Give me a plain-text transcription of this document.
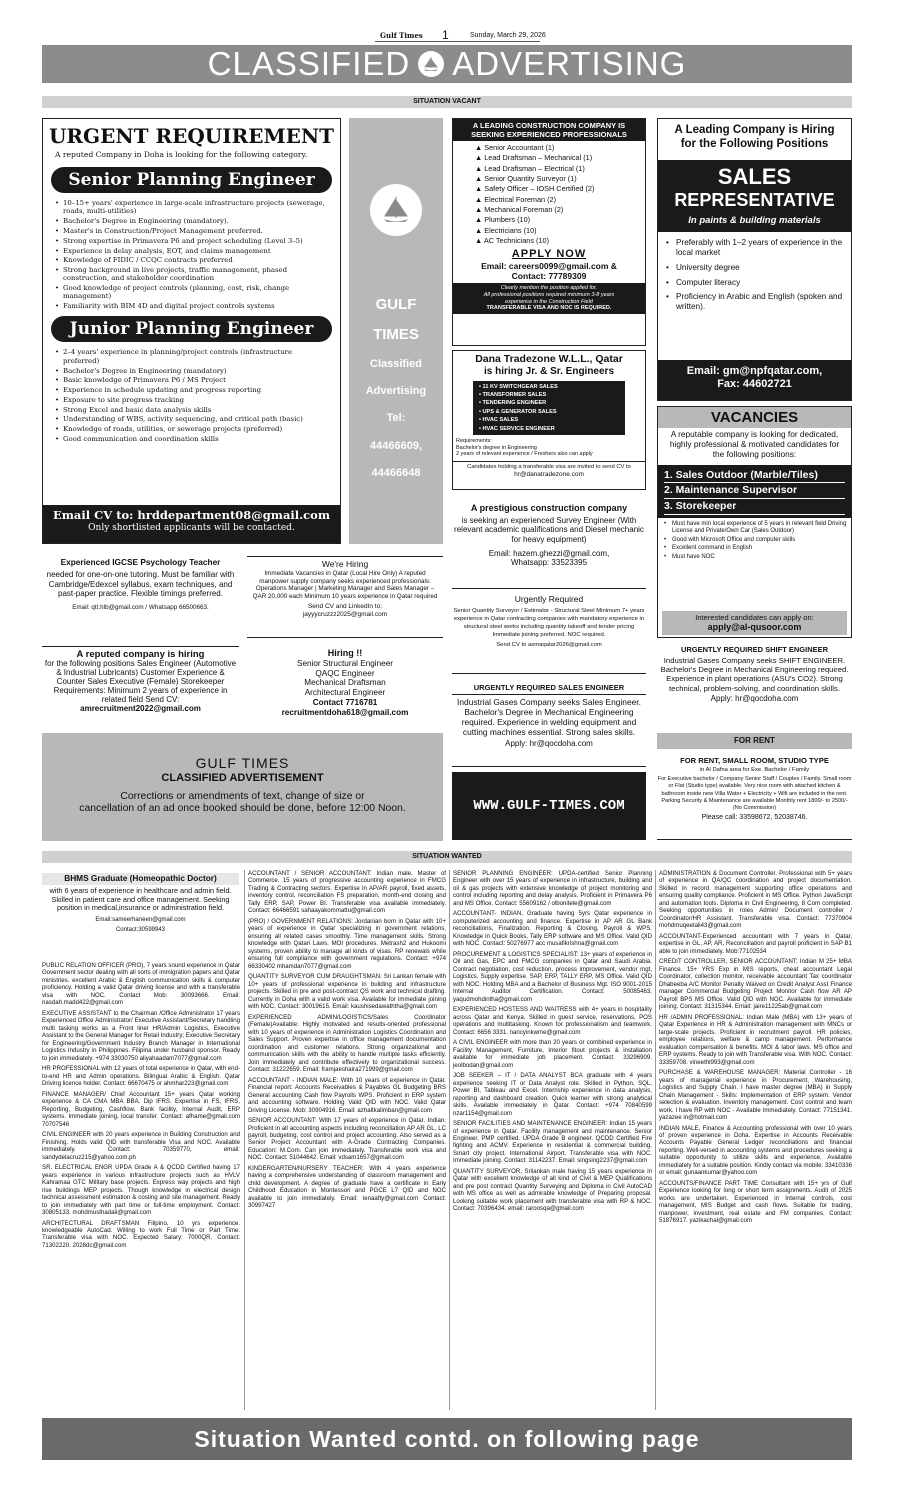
Gulf Times 1	Sunday, March 29, 2026
CLASSIFIED ADVERTISING
SITUATION VACANT
URGENT REQUIREMENT
A reputed Company in Doha is looking for the following category.
Senior Planning Engineer
• 10–15+ years' experience in large-scale infrastructure projects (sewerage, roads, multi-utilities)
• Bachelor's Degree in Engineering (mandatory).
• Master's in Construction/Project Management preferred.
• Strong expertise in Primavera P6 and project scheduling (Level 3–5)
• Experience in delay analysis, EOT, and claims management
• Knowledge of FIDIC / CCQC contracts preferred
• Strong background in live projects, traffic management, phased construction, and stakeholder coordination
• Good knowledge of project controls (planning, cost, risk, change management)
• Familiarity with BIM 4D and digital project controls systems
Junior Planning Engineer
• 2–4 years' experience in planning/project controls (infrastructure preferred)
• Bachelor's Degree in Engineering (mandatory)
• Basic knowledge of Primavera P6 / MS Project
• Experience in schedule updating and progress reporting
• Exposure to site progress tracking
• Strong Excel and basic data analysis skills
• Understanding of WBS, activity sequencing, and critical path (basic)
• Knowledge of roads, utilities, or sewerage projects (preferred)
• Good communication and coordination skills
Email CV to: hrddepartment08@gmail.com
Only shortlisted applicants will be contacted.
GULF
TIMES
Classified
Advertising
Tel:
44466609,
44466648
A LEADING CONSTRUCTION COMPANY IS SEEKING EXPERIENCED PROFESSIONALS
▲ Senior Accountant (1)
▲ Lead Draftsman – Mechanical (1)
▲ Lead Draftsman – Electrical (1)
▲ Senior Quantity Surveyor (1)
▲ Safety Officer – IOSH Certified (2)
▲ Electrical Foreman (2)
▲ Mechanical Foreman (2)
▲ Plumbers (10)
▲ Electricians (10)
▲ AC Technicians (10)
APPLY NOW
Email: careers0099@gmail.com &
Contact: 77789309
Clearly mention the position applied for.
All professional positions required minimum 3-8 years
experience in the Construction Field
TRANSFERABLE VISA AND NOC IS REQUIRED.
A Leading Company is Hiring
for the Following Positions
SALES
REPRESENTATIVE
In paints & building materials
• Preferably with 1–2 years of experience in the local market
• University degree
• Computer literacy
• Proficiency in Arabic and English (spoken and written).
Email: gm@npfqatar.com,
Fax: 44602721
Dana Tradezone W.L.L., Qatar
is hiring Jr. & Sr. Engineers
• 11 KV SWITCHGEAR SALES
• TRANSFORMER SALES
• TENDERING ENGINEER
• UPS & GENERATOR SALES
• HVAC SALES
• HVAC SERVICE ENGINEER
Requirements:
Bachelor's degree in Engineering
2 years of relevant experience / Freshers also can apply
Candidates holding a transferable visa are invited to send CV to
hr@danatradezone.com
VACANCIES
A reputable company is looking for dedicated, highly professional & motivated candidates for the following positions:
1. Sales Outdoor (Marble/Tiles)
2. Maintenance Supervisor
3. Storekeeper
• Must have min local experience of 5 years in relevant field Driving License and Private/Own Car (Sales Outdoor)
• Good with Microsoft Office and computer skills
• Excellent command in English
• Must have NOC
Interested candidates can apply on:
apply@al-qusoor.com
A prestigious construction company
is seeking an experienced Survey Engineer (With relevant academic qualifications and Diesel mechanic for heavy equipment)
Email: hazem.ghezzi@gmail.com,
Whatsapp: 33523395
Experienced IGCSE Psychology Teacher
needed for one-on-one tutoring. Must be familiar with Cambridge/Edexcel syllabus, exam techniques, and past-paper practice. Flexible timings preferred.
Email: qtt.hlb@gmail.com / Whatsapp 66500663.
We're Hiring
Immediate Vacancies in Qatar (Local Hire Only) A reputed manpower supply company seeks experienced professionals: Operations Manager | Marketing Manager and Sales Manager – QAR 20,000 each Minimum 10 years experience in Qatar required
Send CV and LinkedIn to:
jayyycruzzz2025@gmail.com
Urgently Required
Senior Quantity Surveyor / Estimator - Structural Steel Minimum 7+ years experience in Qatar contracting companies with mandatory experience in structural steel works including quantity takeoff and tender pricing Immediate joining preferred. NOC required.
Send CV to asmaqatar2026@gmail.com	URGENTLY REQUIRED SHIFT ENGINEER
Industrial Gases Company seeks SHIFT ENGINEER. Bachelor's Degree in Mechanical Engineering required. Experience in plant operations (ASU's CO2). Strong technical, problem-solving, and coordination skills.
Apply: hr@qocdoha.com
A reputed company is hiring
for the following positions Sales Engineer (Automotive & Industrial Lubricants) Customer Experience & Counter Sales Executive (Female) Storekeeper Requirements: Minimum 2 years of experience in related field Send CV:
amrecruitment2022@gmail.com
Hiring !!
Senior Structural Engineer
QAQC Engineer
Mechanical Draftsman
Architectural Engineer
Contact 7716781
recruitmentdoha618@gmail.com
URGENTLY REQUIRED SALES ENGINEER
Industrial Gases Company seeks Sales Engineer. Bachelor's Degree in Mechanical Engineering required. Experience in welding equipment and cutting machines essential. Strong sales skills.
Apply: hr@qocdoha.com	FOR RENT
FOR RENT, SMALL ROOM, STUDIO TYPE
in Al Dafna area for Exe. Bachelor / Family
For Executive bachelor / Company Senior Staff / Couples / Family. Small room or Flat (Studio type) available. Very nice room with attached kitchen & bathroom inside new Villa Water + Electricity + Wifi are included in the rent. Parking Security & Maintenance are available Monthly rent 1800/- to 2500/- (No Commission)
Please call: 33598672, 52038746.
GULF TIMES
CLASSIFIED ADVERTISEMENT
Corrections or amendments of text, change of size or
cancellation of an ad once booked should be done, before 12:00 Noon.	WWW.GULF-TIMES.COM
SITUATION WANTED
BHMS Graduate (Homeopathic Doctor)
with 6 years of experience in healthcare and admin field. Skilled in patient care and office management. Seeking position in medical,insurance or administration field.
Email:sameerhaneen@gmail.com
Contact:30599943
PUBLIC RELATION OFFICER (PRO), 7 years sound experience in Qatar Government sector dealing with all sorts of immigration papers and Qatar ministries. excellent Arabic & English communication skills & computer proficiency. Holding a valid Qatar driving license and with a transferable visa with NOC. Contact Mob: 30093666. Email: nasdah.madd422@gmail.com
EXECUTIVE ASSISTANT to the Chairman /Office Administrator 17 years Experienced Office Administrator/ Executive Assistant/Secretary handling multi tasking works as a Front liner HR/Admin Logistics, Executive Assistant to the General Manager for Retail Industry; Executive Secretary for Engineering/Government Industry Branch Manager in International Logistics Industry in Philippines. Filipina under husband sponsor. Ready to join immediately. +974 33030750 aliyahaadam7077@gmail.com
HR PROFESSIONAL with 12 years of total experience in Qatar, with end-to-end HR and Admin operations. Bilingual Arabic & English. Qatar Driving licence holder. Contact: 66670475 or ahmhar223@gmail.com
FINANCE MANAGER/ Chief Accountant 15+ years Qatar working experience & CA CMA MBA BBA. Dip IFRS. Expertise in FS, IFRS, Reporting, Budgeting, Cashflow, Bank facility, Internal Audit, ERP systems. Immediate joining, local transfer. Contact: afhame@gmail.com 70707546
CIVIL ENGINEER with 20 years experience in Building Construction and Finishing. Holds valid QID with transferable Visa and NOC. Available immediately. Contact: 70359770, email: sandydelacruz215@yahoo.com.ph
SR. ELECTRICAL ENGR UPDA Grade A & QCDD Certified having 17 years experience in various infrastructure projects such as HVLV Kahramaa GTC Military base projects. Express way projects and high rise buildings MEP projects. Though knowledge in electrical design technical assessment estimation & costing and site management. Ready to join immediately with part time or full-time employment. Contact: 30805133. mohdmusthadali@gmail.com
ARCHITECTURAL DRAFTSMAN Filipino, 10 yrs experience. knowledgeable AutoCad. Willing to work Full Time or Part Time. Transferable visa with NOC. Expected Salary: 7000QR. Contact: 71302220. 2028dc@gmail.com
ACCOUNTANT / SENIOR ACCOUNTANT: Indian male. Master of Commerce. 15 years of progressive accounting experience in FMCG Trading & Contracting sectors. Expertise in AP/AR payroll, fixed assets, inventory control, reconciliation FS preparation, month-end closing and Tally ERP, SAP, Power BI. Transferable visa available immediately. Contact: 66466591 sahaayakommattu@gmail.com
(PRO) / GOVERNMENT RELATIONS: Jordanian born in Qatar with 10+ years of experience in Qatar specializing in government relations, ensuring all related cases smoothly. Time management skills. Strong knowledge with Qatari Laws. MOI procedures. Metrash2 and Hukoomi systems, proven ability to manage all kinds of visas. RP renewals while ensuring full compliance with government regulations. Contact: +974 66330402 mhamdan7077@gmail.com
QUANTITY SURVEYOR CUM DRAUGHTSMAN: Sri Lankan female with 10+ years of professional experience in building and infrastructure projects. Skilled in pre and post-contract QS work and technical drafting. Currently in Doha with a valid work visa. Available for immediate joining with NOC. Contact: 30019615. Email: kaushisedawaththa@gmail.com
EXPERIENCED ADMIN/LOGISTICS/Sales Coordinator (Female)Available: Highly motivated and results-oriented professional with 10 years of experience in Administration Logistics Coordination and Sales Support. Proven expertise in office management documentation coordination and customer relations. Strong organizational and communication skills with the ability to handle multiple tasks efficiently. Join immediately and contribute effectively to organizational success. Contact: 31222659. Email: framjaeshaira271999@gmail.com
ACCOUNTANT - INDIAN MALE: With 10 years of experience in Qatar. Financial report: Accounts Receivables & Payables GL Budgeting BRS General accounting Cash flow Payrolls WPS. Proficient in ERP system and accounting software. Holding Valid QID with NOC. Valid Qatar Driving License. Mob: 30904916. Email: azhaltkalimban@gmail.com
SENIOR ACCOUNTANT: With 17 years of experience in Qatar. Indian. Proficient in all accounting aspects including reconciliation AP AR GL, LC payroll, budgeting, cost control and project accounting. Also served as a Senior Project Accountant with A-Grade Contracting Companies. Education: M.Com. Can join immediately. Transferable work visa and NOC. Contact: 51044642. Email: vdsam1657@gmail.com
KINDERGARTEN/NURSERY TEACHER: With 4 years experience having a comprehensive understanding of classroom management and child development. A degree of graduate have a certificate in Early Childhood Education in Montessori and PGCE L7 QID and NOC available to join immediately. Email: lenaafty@gmail.com Contact: 30997427
SENIOR PLANNING ENGINEER: UPDA-certified Senior Planning Engineer with over 15 years of experience in infrastructure, building and oil & gas projects with extensive knowledge of project monitoring and control including reporting and delay analysis. Proficient in Primavera P6 and MS Office. Contact: 55609162 / olbonitele@gmail.com
ACCOUNTANT- INDIAN, Graduate having 5yrs Qatar experience in computerized accounting and finance. Expertise in AP AR GL Bank reconciliations, Finalization, Reporting & Closing, Payroll & WPS. Knowledge in Quick Books, Tally ERP software and MS Office. Valid QID with NOC. Contact: 50276977 acc musafikrishna@gmail.com
PROCUREMENT & LOGISTICS SPECIALIST: 13+ years of experience in Oil and Gas, EPC and FMCG companies in Qatar and Saudi Arabia. Contract negotiation, cost reduction, process improvement, vendor mgt, Logistics, Supply expertise. SAP, ERP, TALLY ERP, MS Office. Valid QID with NOC. Holding MBA and a Bachelor of Business Mgt. ISO 9001-2015 Internal Auditor Certification. Contact: 50085463, yaqudmohdintha@gmail.com
EXPERIENCED HOSTESS AND WAITRESS with 4+ years in hospitality across Qatar and Kenya. Skilled in guest service, reservations, POS operations and multitasking. Known for professionalism and teamwork. Contact: 6656 3331. nancyinkwme@gmail.com
A CIVIL ENGINEER with more than 20 years or combined experience in Facility Management, Furniture, Interior fitout projects & installation available for immediate job placement. Contact: 33296909. jeolbodan@gmail.com
JOB SEEKER – IT / DATA ANALYST BCA graduate with 4 years experience seeking IT or Data Analyst role. Skilled in Python, SQL, Power BI, Tableau and Excel. Internship experience in data analysis, reporting and dashboard creation. Quick learner with strong analytical skills. Available immediately in Qatar. Contact: +974 70840599 nzar1154@gmail.com
SENIOR FACILITIES AND MAINTENANCE ENGINEER: Indian 15 years of experience in Qatar. Facility management and maintenance. Senior Engineer. PMP certified. UPDA Grade B engineer. QCDD Certified Fire fighting and ACMV. Experience in residential & commercial building. Smart city project. International Airport. Transferable visa with NOC. Immediate joining. Contact: 31142237. Email: singsing2237@gmail.com
QUANTITY SURVEYOR, Srilankan male having 15 years experience in Qatar with excellent knowledge of all kind of Civil & MEP Qualifications and pre post contract Quantity Surveying and Diploma in Civil AutoCAD with MS office as well as admirable knowledge of Preparing proposal. Looking suitable work placement with transferable visa with RP & NOC. Contact: 70396434. email: raroosqa@gmail.com
ADMINISTRATION & Document Controller. Professional with 5+ years of experience in QA/QC coordination and project documentation. Skilled in record management supporting office operations and ensuring quality compliance. Proficient in MS Office. Python JavaScript and automation tools. Diploma in Civil Engineering, 8 Com completed. Seeking opportunities in roles Admin/ Document controller / Coordinator/HR Assistant. Transferable visa. Contact: 77370904 mohdmuqeetali43@gmail.com
ACCOUNTANT-Experienced accountant with 7 years in Qatar, expertise in GL, AP, AR, Reconciliation and payroll proficient in SAP B1 able to join immediately. Mob:77102534
CREDIT CONTROLLER, SENIOR ACCOUNTANT: Indian M 25+ MBA Finance. 15+ YRS Exp in MIS reports, cheat accountant Legal Coordinator, collection monitor, receivable accountant Tax coordinator Dhabeeba A/C Monitor Penalty Waived on Credit Analyst Asst Finance manager Commercial Budgeting Project Monitor Cash flow AR AP Payroll BPS MS Office. Valid QID with NOC. Available for immediate joining. Contact: 31315344. Email: jaire11225ab@gmail.com
HR /ADMIN PROFESSIONAL: Indian Male (MBA) with 13+ years of Qatar Experience in HR & Administration management with MNCs or large-scale projects. Proficient in recruitment payroll. HR policies, employee relations, welfare & camp management. Performance evaluation compensation & benefits. MOI & labor laws. MS office and ERP systems. Ready to join with Transferable visa. With NOC. Contact: 33359708. vineethl993@gmail.com
PURCHASE & WAREHOUSE MANAGER: Material Controller - 16 years of managerial experience in Procurement, Warehousing, Logistics and Supply Chain. I have master degree (MBA) in Supply Chain Management - Skills: Implementation of ERP system. Vendor selection & evaluation. Inventory management. Cost control and team work. I have RP with NOC - Available Immediately. Contact: 77151341. yazazee in@hotmail.com
INDIAN MALE, Finance & Accounting professional with over 10 years of proven experience in Doha. Expertise in Accounts Receivable Accounts Payable General Ledger reconciliations and financial reporting. Well-versed in accounting systems and procedures seeking a suitable opportunity to utilize skills and experience. Available immediately for a suitable position. Kindly contact via mobile: 33410336 or email: gunaankumar@yahoo.com
ACCOUNTS/FINANCE PART TIME Consultant with 15+ yrs of Gulf Experience looking for long or short term assignments. Audit of 2025 works are undertaken. Experienced in Internal controls, cost management, MIS Budget and cash flows. Suitable for trading, manpower, investment, real estate and FM companies. Contact: 51876917. yazikachal@gmail.com
Situation Wanted contd. on following page
